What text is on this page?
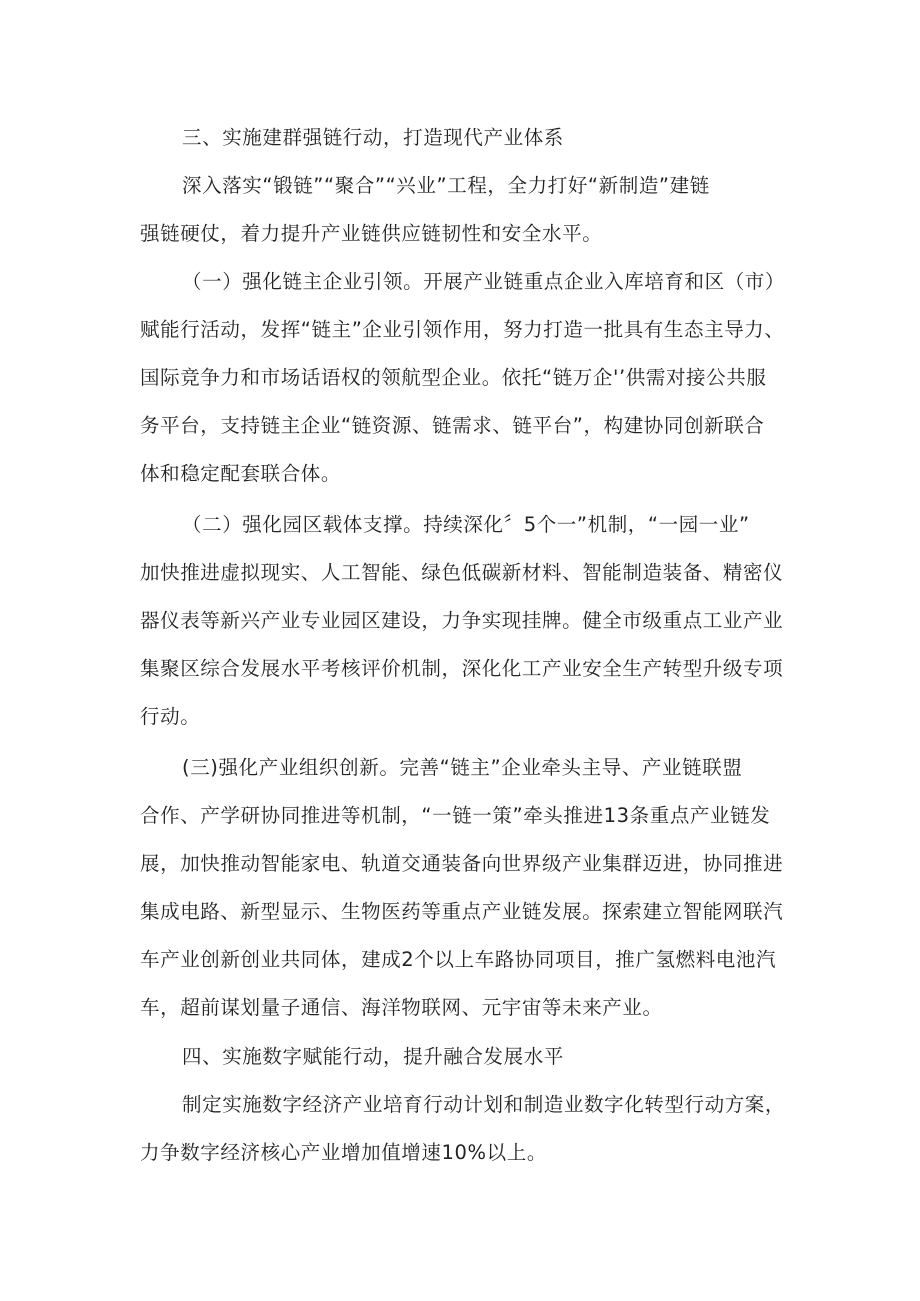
三、实施建群强链行动，打造现代产业体系
深入落实“锻链”“聚合”“兴业”工程，全力打好“新制造”建链
强链硬仗，着力提升产业链供应链韧性和安全水平。
（一）强化链主企业引领。开展产业链重点企业入库培育和区（市）
赋能行活动，发挥“链主”企业引领作用，努力打造一批具有生态主导力、
国际竞争力和市场话语权的领航型企业。依托“链万企'’供需对接公共服
务平台，支持链主企业“链资源、链需求、链平台”，构建协同创新联合
体和稳定配套联合体。
（二）强化园区载体支撑。持续深化〞5个一”机制，“一园一业”
加快推进虚拟现实、人工智能、绿色低碳新材料、智能制造装备、精密仪
器仪表等新兴产业专业园区建设，力争实现挂牌。健全市级重点工业产业
集聚区综合发展水平考核评价机制，深化化工产业安全生产转型升级专项
行动。
(三)强化产业组织创新。完善“链主”企业牵头主导、产业链联盟
合作、产学研协同推进等机制，“一链一策”牵头推进13条重点产业链发
展，加快推动智能家电、轨道交通装备向世界级产业集群迈进，协同推进
集成电路、新型显示、生物医药等重点产业链发展。探索建立智能网联汽
车产业创新创业共同体，建成2个以上车路协同项目，推广氢燃料电池汽
车，超前谋划量子通信、海洋物联网、元宇宙等未来产业。
四、实施数字赋能行动，提升融合发展水平
制定实施数字经济产业培育行动计划和制造业数字化转型行动方案，
力争数字经济核心产业增加值增速10%以上。
